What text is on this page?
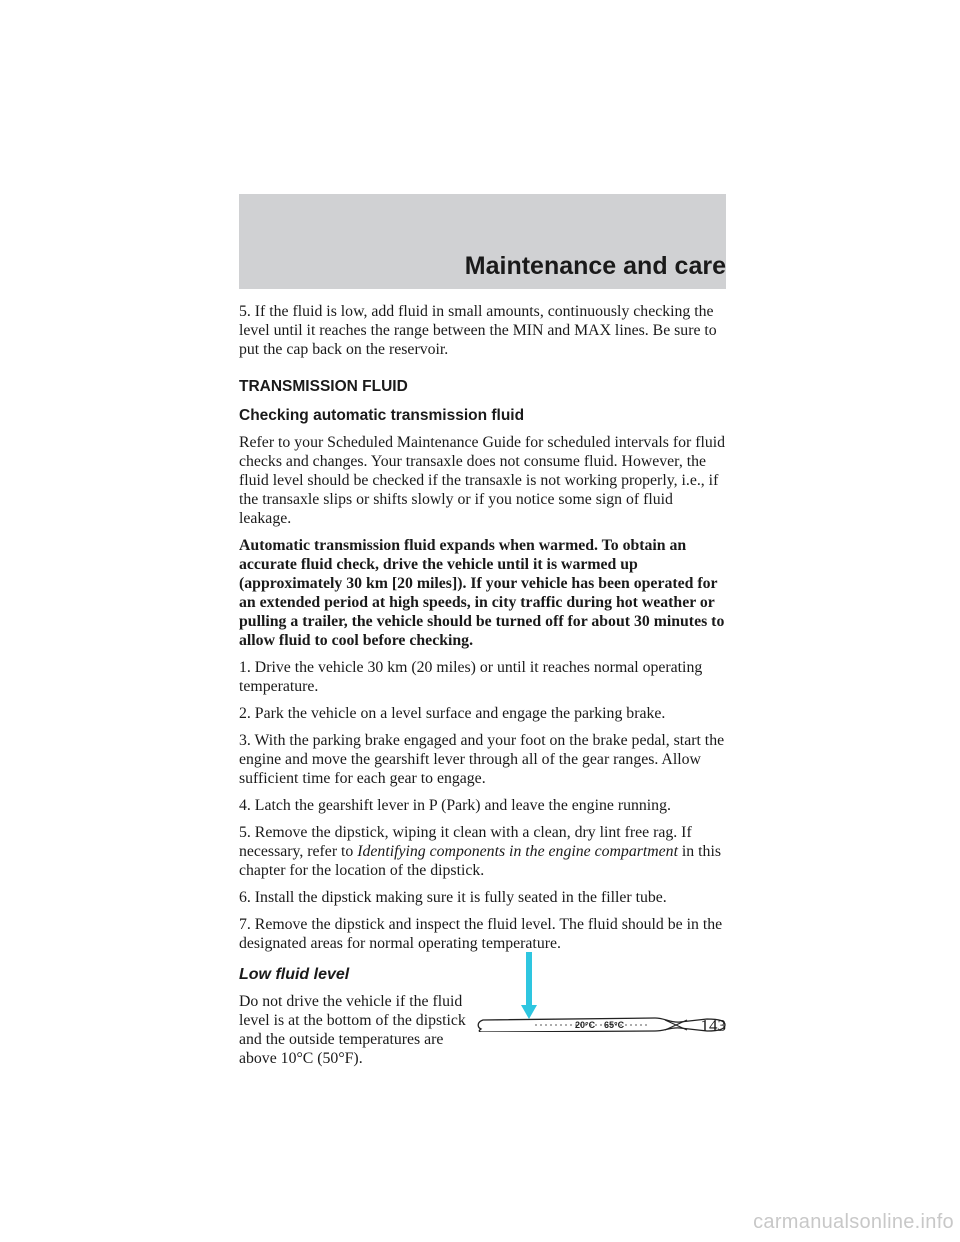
Maintenance and care

5. If the fluid is low, add fluid in small amounts, continuously checking the level until it reaches the range between the MIN and MAX lines. Be sure to put the cap back on the reservoir.

TRANSMISSION FLUID
Checking automatic transmission fluid

Refer to your Scheduled Maintenance Guide for scheduled intervals for fluid checks and changes. Your transaxle does not consume fluid. However, the fluid level should be checked if the transaxle is not working properly, i.e., if the transaxle slips or shifts slowly or if you notice some sign of fluid leakage.

Automatic transmission fluid expands when warmed. To obtain an accurate fluid check, drive the vehicle until it is warmed up (approximately 30 km [20 miles]). If your vehicle has been operated for an extended period at high speeds, in city traffic during hot weather or pulling a trailer, the vehicle should be turned off for about 30 minutes to allow fluid to cool before checking.

1. Drive the vehicle 30 km (20 miles) or until it reaches normal operating temperature.

2. Park the vehicle on a level surface and engage the parking brake.

3. With the parking brake engaged and your foot on the brake pedal, start the engine and move the gearshift lever through all of the gear ranges. Allow sufficient time for each gear to engage.

4. Latch the gearshift lever in P (Park) and leave the engine running.

5. Remove the dipstick, wiping it clean with a clean, dry lint free rag. If necessary, refer to Identifying components in the engine compartment in this chapter for the location of the dipstick.

6. Install the dipstick making sure it is fully seated in the filler tube.

7. Remove the dipstick and inspect the fluid level. The fluid should be in the designated areas for normal operating temperature.

Low fluid level
Do not drive the vehicle if the fluid level is at the bottom of the dipstick and the outside temperatures are above 10°C (50°F).
20°C 65°C	143
carmanualsonline.info
